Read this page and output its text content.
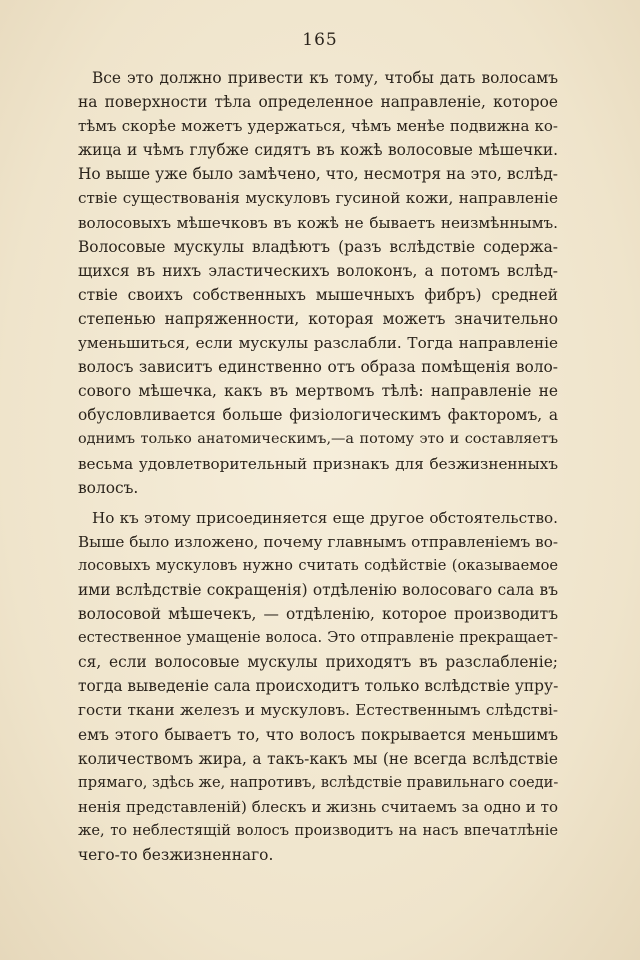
165
Все это должно привести къ тому, чтобы дать волосамъ
на поверхности тѣла определенное направленіе, которое
тѣмъ скорѣе можетъ удержаться, чѣмъ менѣе подвижна ко-
жица и чѣмъ глубже сидятъ въ кожѣ волосовые мѣшечки.
Но выше уже было замѣчено, что, несмотря на это, вслѣд-
ствіе существованія мускуловъ гусиной кожи, направленіе
волосовыхъ мѣшечковъ въ кожѣ не бываетъ неизмѣннымъ.
Волосовые мускулы владѣютъ (разъ вслѣдствіе содержа-
щихся въ нихъ эластическихъ волоконъ, а потомъ вслѣд-
ствіе своихъ собственныхъ мышечныхъ фибръ) средней
степенью напряженности, которая можетъ значительно
уменьшиться, если мускулы разслабли. Тогда направленіе
волосъ зависитъ единственно отъ образа помѣщенія воло-
сового мѣшечка, какъ въ мертвомъ тѣлѣ: направленіе не
обусловливается больше физіологическимъ факторомъ, а
однимъ только анатомическимъ,—а потому это и составляетъ
весьма удовлетворительный признакъ для безжизненныхъ
волосъ.
Но къ этому присоединяется еще другое обстоятельство.
Выше было изложено, почему главнымъ отправленіемъ во-
лосовыхъ мускуловъ нужно считать содѣйствіе (оказываемое
ими вслѣдствіе сокращенія) отдѣленію волосоваго сала въ
волосовой мѣшечекъ, — отдѣленію, которое производитъ
естественное умащеніе волоса. Это отправленіе прекращает-
ся, если волосовые мускулы приходятъ въ разслабленіе;
тогда выведеніе сала происходитъ только вслѣдствіе упру-
гости ткани железъ и мускуловъ. Естественнымъ слѣдстві-
емъ этого бываетъ то, что волосъ покрывается меньшимъ
количествомъ жира, а такъ-какъ мы (не всегда вслѣдствіе
прямаго, здѣсь же, напротивъ, вслѣдствіе правильнаго соеди-
ненія представленій) блескъ и жизнь считаемъ за одно и то
же, то неблестящій волосъ производитъ на насъ впечатлѣніе
чего-то безжизненнаго.
